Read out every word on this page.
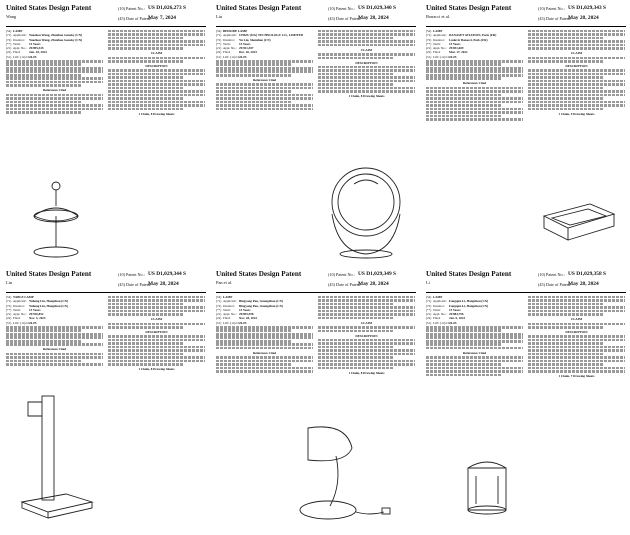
United States Design Patent
Wang
(10) Patent No.: US D1,026,273 S
(45) Date of Patent:
May 7, 2024
(54) LAMP
(71) Applicant: Yuezhou Wang, Zhuzhou Gonsky (CN)
(72) Inventor: Yuezhou Wang, Zhuzhou Gonsky (CN)
(**) Term:	15 Years
(21) Appl. No.: 29/895,545
(22) Filed:	Jun. 18, 2023
(51) LOC (14) Cl.26-05
References Cited
CLAIM
DESCRIPTION
1 Claim, 8 Drawing Sheets
United States Design Patent
Liu
(10) Patent No.: US D1,029,340 S
(45) Date of Patent:
May 28, 2024
(54) BEDSIDE LAMP
(71) Applicant: CHIZU (DG) TECHNOLOGY CO., LIMITED
(72) Inventor: Yu Liu, Shenzhen (CN)
(**) Term:	15 Years
(21) Appl. No.: 29/921,387
(22) Filed:	Dec. 20, 2023
(51) LOC (14) Cl.26-05
References Cited
CLAIM
DESCRIPTION
1 Claim, 8 Drawing Sheets
United States Design Patent
Bonacci et al.
(10) Patent No.: US D1,029,343 S
(45) Date of Patent:
May 28, 2024
(54) LAMP
(71) Applicant: DANASET AVIATION, Paris (FR)
(72) Inventor: Ludovic Bonacci, Paris (FR)
(**) Term:	15 Years
(21) Appl. No.: 29/831,609
(22) Filed:	Mar. 17, 2022
(51) LOC (14) Cl.26-05
References Cited
CLAIM
DESCRIPTION
1 Claim, 9 Drawing Sheets
United States Design Patent
Lin
(10) Patent No.: US D1,029,344 S
(45) Date of Patent:
May 28, 2024
(54) TABLE LAMP
(71) Applicant: Yuheng Lin, Hangzhou (CN)
(72) Inventor: Yuheng Lin, Hangzhou (CN)
(**) Term:	15 Years
(21) Appl. No.: 29/916,852
(22) Filed:	Nov. 3, 2023
(51) LOC (14) Cl.26-05
References Cited
CLAIM
DESCRIPTION
1 Claim, 8 Drawing Sheets
United States Design Patent
Pan et al.
(10) Patent No.: US D1,029,349 S
(45) Date of Patent:
May 28, 2024
(54) LAMP
(71) Applicant: Bingyang Pan, Guangzhou (CN)
(72) Inventor: Bingyang Pan, Guangzhou (CN)
(**) Term:	15 Years
(21) Appl. No.: 29/855,598
(22) Filed:	Nov. 28, 2022
(51) LOC (14) Cl.26-05
References Cited
CLAIM
DESCRIPTION
1 Claim, 8 Drawing Sheets
United States Design Patent
Li
(10) Patent No.: US D1,029,358 S
(45) Date of Patent:
May 28, 2024
(54) LAMP
(71) Applicant: Fangqun Li, Hangzhou (CN)
(72) Inventor: Fangqun Li, Hangzhou (CN)
(**) Term:	15 Years
(21) Appl. No.: 29/884,796
(22) Filed:	Jan. 6, 2023
(51) LOC (14) Cl.26-05
References Cited
CLAIM
DESCRIPTION
1 Claim, 7 Drawing Sheets
